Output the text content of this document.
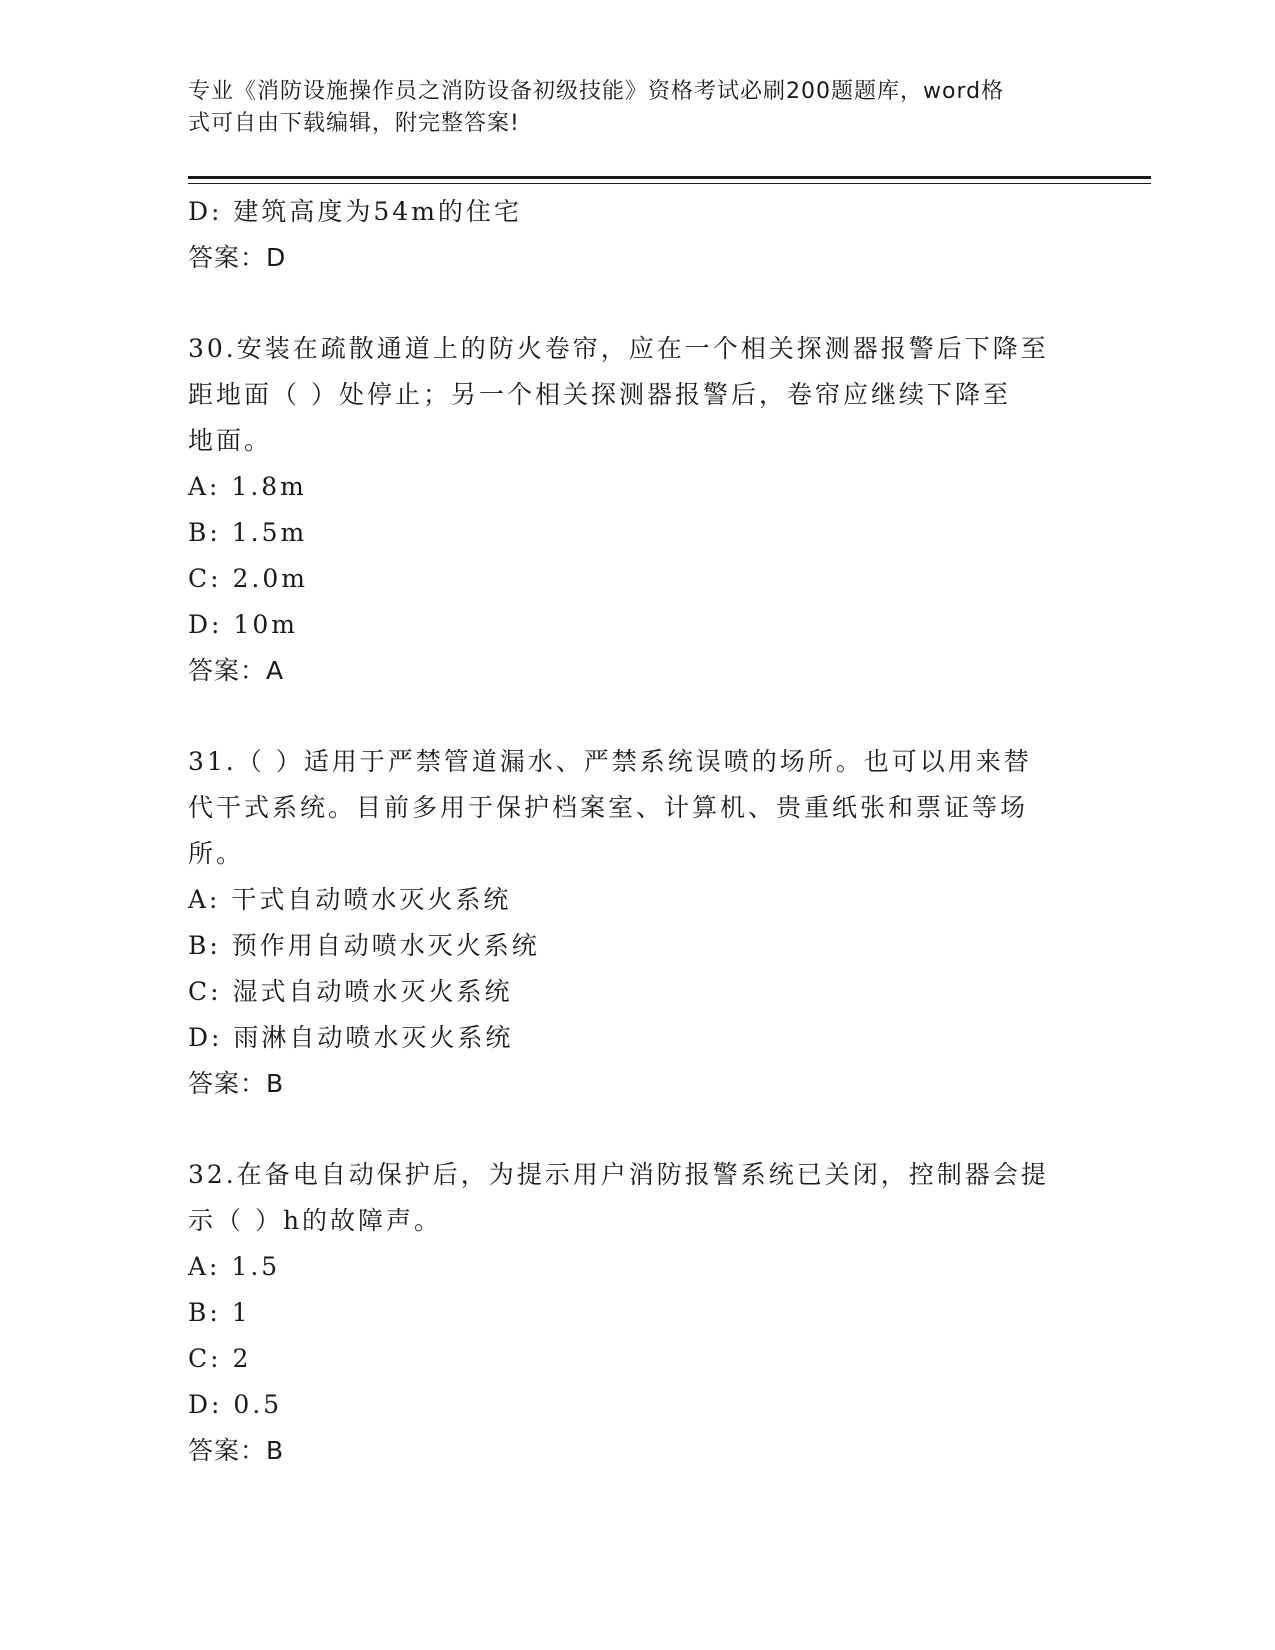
专业《消防设施操作员之消防设备初级技能》资格考试必刷200题题库，word格
式可自由下载编辑，附完整答案!
D: 建筑高度为54m的住宅
答案：D
30.安装在疏散通道上的防火卷帘，应在一个相关探测器报警后下降至
距地面（ ）处停止；另一个相关探测器报警后，卷帘应继续下降至
地面。
A: 1.8m
B: 1.5m
C: 2.0m
D: 10m
答案：A
31.（ ）适用于严禁管道漏水、严禁系统误喷的场所。也可以用来替
代干式系统。目前多用于保护档案室、计算机、贵重纸张和票证等场
所。
A: 干式自动喷水灭火系统
B: 预作用自动喷水灭火系统
C: 湿式自动喷水灭火系统
D: 雨淋自动喷水灭火系统
答案：B
32.在备电自动保护后，为提示用户消防报警系统已关闭，控制器会提
示（ ）h的故障声。
A: 1.5
B: 1
C: 2
D: 0.5
答案：B
